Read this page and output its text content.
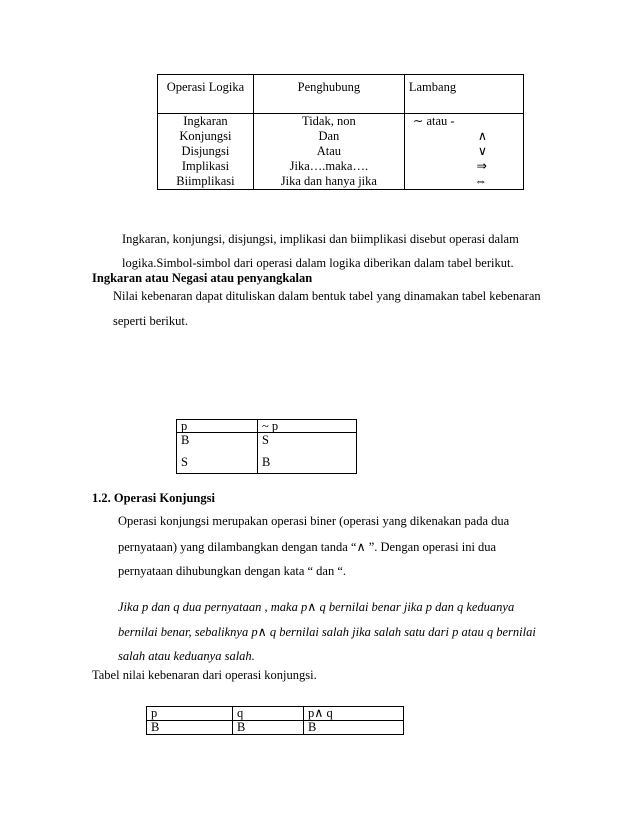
Operasi Logika	Penghubung	Lambang
Ingkaran	Tidak, non	∼ atau -
Konjungsi	Dan	∧
Disjungsi	Atau	∨
Implikasi	Jika….maka….	⇒
Biimplikasi	Jika dan hanya jika	⇔
Ingkaran, konjungsi, disjungsi, implikasi dan biimplikasi disebut operasi dalam
logika.Simbol-simbol dari operasi dalam logika diberikan dalam tabel berikut.
Ingkaran atau Negasi atau penyangkalan
Nilai kebenaran dapat dituliskan dalam bentuk tabel yang dinamakan tabel kebenaran
seperti berikut.
p	~ p
B	S
S	B
1.2. Operasi Konjungsi
Operasi konjungsi merupakan operasi biner (operasi yang dikenakan pada dua
pernyataan) yang dilambangkan dengan tanda “∧ ”. Dengan operasi ini dua
pernyataan dihubungkan dengan kata “ dan “.
Jika p dan q dua pernyataan , maka p∧ q bernilai benar jika p dan q keduanya
bernilai benar, sebaliknya p∧ q bernilai salah jika salah satu dari p atau q bernilai
salah atau keduanya salah.
Tabel nilai kebenaran dari operasi konjungsi.
p	q	p∧ q
B	B	B
